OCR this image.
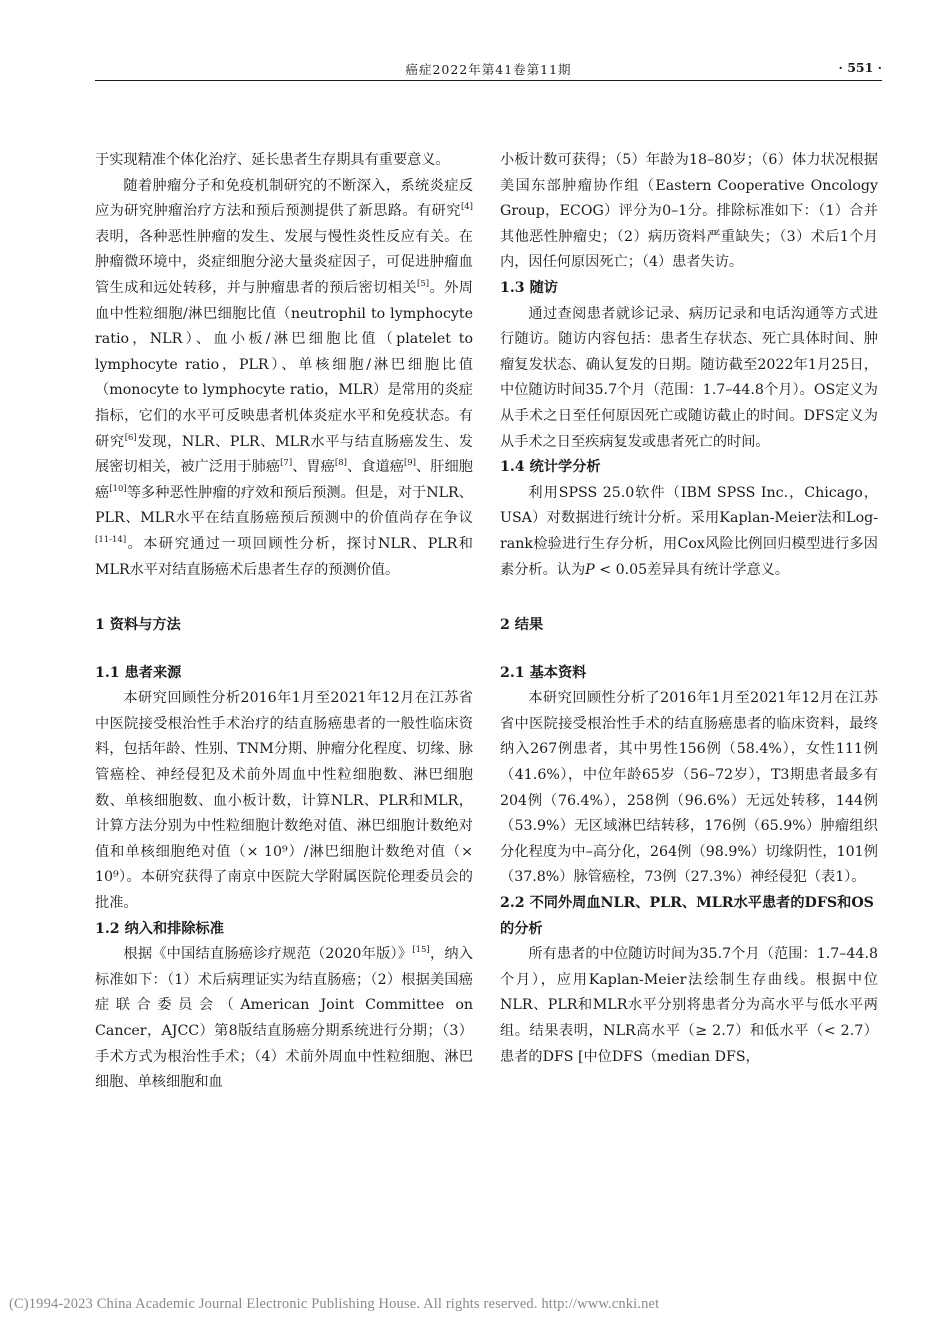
癌症2022年第41卷第11期	· 551 ·

于实现精准个体化治疗、延长患者生存期具有重要意义。

随着肿瘤分子和免疫机制研究的不断深入，系统炎症反应为研究肿瘤治疗方法和预后预测提供了新思路。有研究[4]表明，各种恶性肿瘤的发生、发展与慢性炎性反应有关。在肿瘤微环境中，炎症细胞分泌大量炎症因子，可促进肿瘤血管生成和远处转移，并与肿瘤患者的预后密切相关[5]。外周血中性粒细胞/淋巴细胞比值（neutrophil to lymphocyte ratio，NLR）、血小板/淋巴细胞比值（platelet to lymphocyte ratio，PLR）、单核细胞/淋巴细胞比值（monocyte to lymphocyte ratio，MLR）是常用的炎症指标，它们的水平可反映患者机体炎症水平和免疫状态。有研究[6]发现，NLR、PLR、MLR水平与结直肠癌发生、发展密切相关，被广泛用于肺癌[7]、胃癌[8]、食道癌[9]、肝细胞癌[10]等多种恶性肿瘤的疗效和预后预测。但是，对于NLR、PLR、MLR水平在结直肠癌预后预测中的价值尚存在争议[11-14]。本研究通过一项回顾性分析，探讨NLR、PLR和MLR水平对结直肠癌术后患者生存的预测价值。

1 资料与方法
1.1 患者来源

本研究回顾性分析2016年1月至2021年12月在江苏省中医院接受根治性手术治疗的结直肠癌患者的一般性临床资料，包括年龄、性别、TNM分期、肿瘤分化程度、切缘、脉管癌栓、神经侵犯及术前外周血中性粒细胞数、淋巴细胞数、单核细胞数、血小板计数，计算NLR、PLR和MLR，计算方法分别为中性粒细胞计数绝对值、淋巴细胞计数绝对值和单核细胞绝对值（× 10⁹）/淋巴细胞计数绝对值（× 10⁹）。本研究获得了南京中医院大学附属医院伦理委员会的批准。

1.2 纳入和排除标准

根据《中国结直肠癌诊疗规范（2020年版）》[15]，纳入标准如下：（1）术后病理证实为结直肠癌；（2）根据美国癌症联合委员会（American Joint Committee on Cancer，AJCC）第8版结直肠癌分期系统进行分期；（3）手术方式为根治性手术；（4）术前外周血中性粒细胞、淋巴细胞、单核细胞和血

小板计数可获得；（5）年龄为18–80岁；（6）体力状况根据美国东部肿瘤协作组（Eastern Cooperative Oncology Group，ECOG）评分为0–1分。排除标准如下：（1）合并其他恶性肿瘤史；（2）病历资料严重缺失；（3）术后1个月内，因任何原因死亡；（4）患者失访。

1.3 随访

通过查阅患者就诊记录、病历记录和电话沟通等方式进行随访。随访内容包括：患者生存状态、死亡具体时间、肿瘤复发状态、确认复发的日期。随访截至2022年1月25日，中位随访时间35.7个月（范围：1.7–44.8个月）。OS定义为从手术之日至任何原因死亡或随访截止的时间。DFS定义为从手术之日至疾病复发或患者死亡的时间。

1.4 统计学分析

利用SPSS 25.0软件（IBM SPSS Inc.，Chicago，USA）对数据进行统计分析。采用Kaplan-Meier法和Log-rank检验进行生存分析，用Cox风险比例回归模型进行多因素分析。认为P < 0.05差异具有统计学意义。

2 结果
2.1 基本资料

本研究回顾性分析了2016年1月至2021年12月在江苏省中医院接受根治性手术的结直肠癌患者的临床资料，最终纳入267例患者，其中男性156例（58.4%），女性111例（41.6%），中位年龄65岁（56–72岁），T3期患者最多有204例（76.4%），258例（96.6%）无远处转移，144例（53.9%）无区域淋巴结转移，176例（65.9%）肿瘤组织分化程度为中–高分化，264例（98.9%）切缘阴性，101例（37.8%）脉管癌栓，73例（27.3%）神经侵犯（表1）。

2.2 不同外周血NLR、PLR、MLR水平患者的DFS和OS的分析

所有患者的中位随访时间为35.7个月（范围：1.7–44.8个月），应用Kaplan-Meier法绘制生存曲线。根据中位NLR、PLR和MLR水平分别将患者分为高水平与低水平两组。结果表明，NLR高水平（≥ 2.7）和低水平（< 2.7）患者的DFS [中位DFS（median DFS，

(C)1994-2023 China Academic Journal Electronic Publishing House. All rights reserved. http://www.cnki.net
